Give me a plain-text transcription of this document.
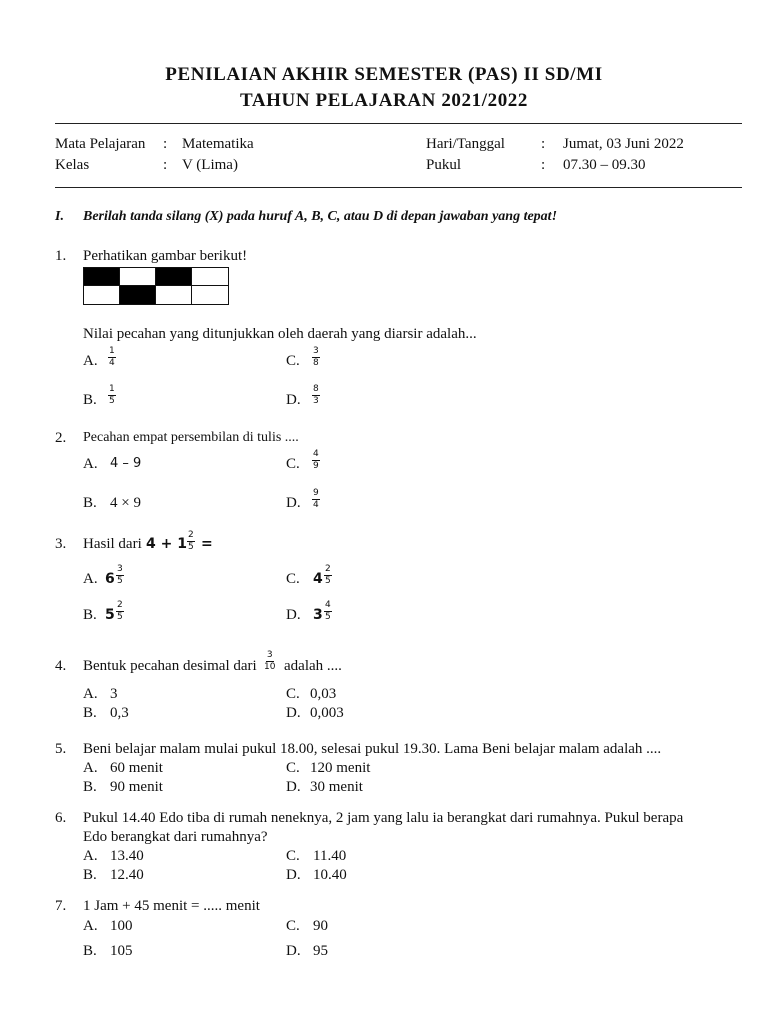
PENILAIAN AKHIR SEMESTER (PAS) II SD/MI
TAHUN PELAJARAN 2021/2022
Mata Pelajaran : Matematika
Kelas	: V (Lima)
Hari/Tanggal : Jumat, 03 Juni 2022
Pukul	: 07.30 – 09.30
I. Berilah tanda silang (X) pada huruf A, B, C, atau D di depan jawaban yang tepat!
1. Perhatikan gambar berikut!
Nilai pecahan yang ditunjukkan oleh daerah yang diarsir adalah...
A. $\frac{1}{4}$	C. $\frac{3}{8}$
B. $\frac{1}{5}$	D. $\frac{8}{3}$
2. Pecahan empat persembilan di tulis ....
A. 4 – 9	C. $\frac{4}{9}$
B. 4 × 9	D. $\frac{9}{4}$
3. Hasil dari $4 + 1 \frac{2}{5}$ =
A. $6 \frac{3}{5}$	C. $4 \frac{2}{5}$
B. $5 \frac{2}{5}$	D. $3 \frac{4}{5}$
4. Bentuk pecahan desimal dari $\frac{3}{10}$ adalah ....
A. 3	C. 0,03
B. 0,3	D. 0,003
5. Beni belajar malam mulai pukul 18.00, selesai pukul 19.30. Lama Beni belajar malam adalah ....
A. 60 menit	C. 120 menit
B. 90 menit	D. 30 menit
6. Pukul 14.40 Edo tiba di rumah neneknya, 2 jam yang lalu ia berangkat dari rumahnya. Pukul berapa
Edo berangkat dari rumahnya?
A. 13.40	C. 11.40
B. 12.40	D. 10.40
7. 1 Jam + 45 menit = ..... menit
A. 100	C. 90
B. 105	D. 95
